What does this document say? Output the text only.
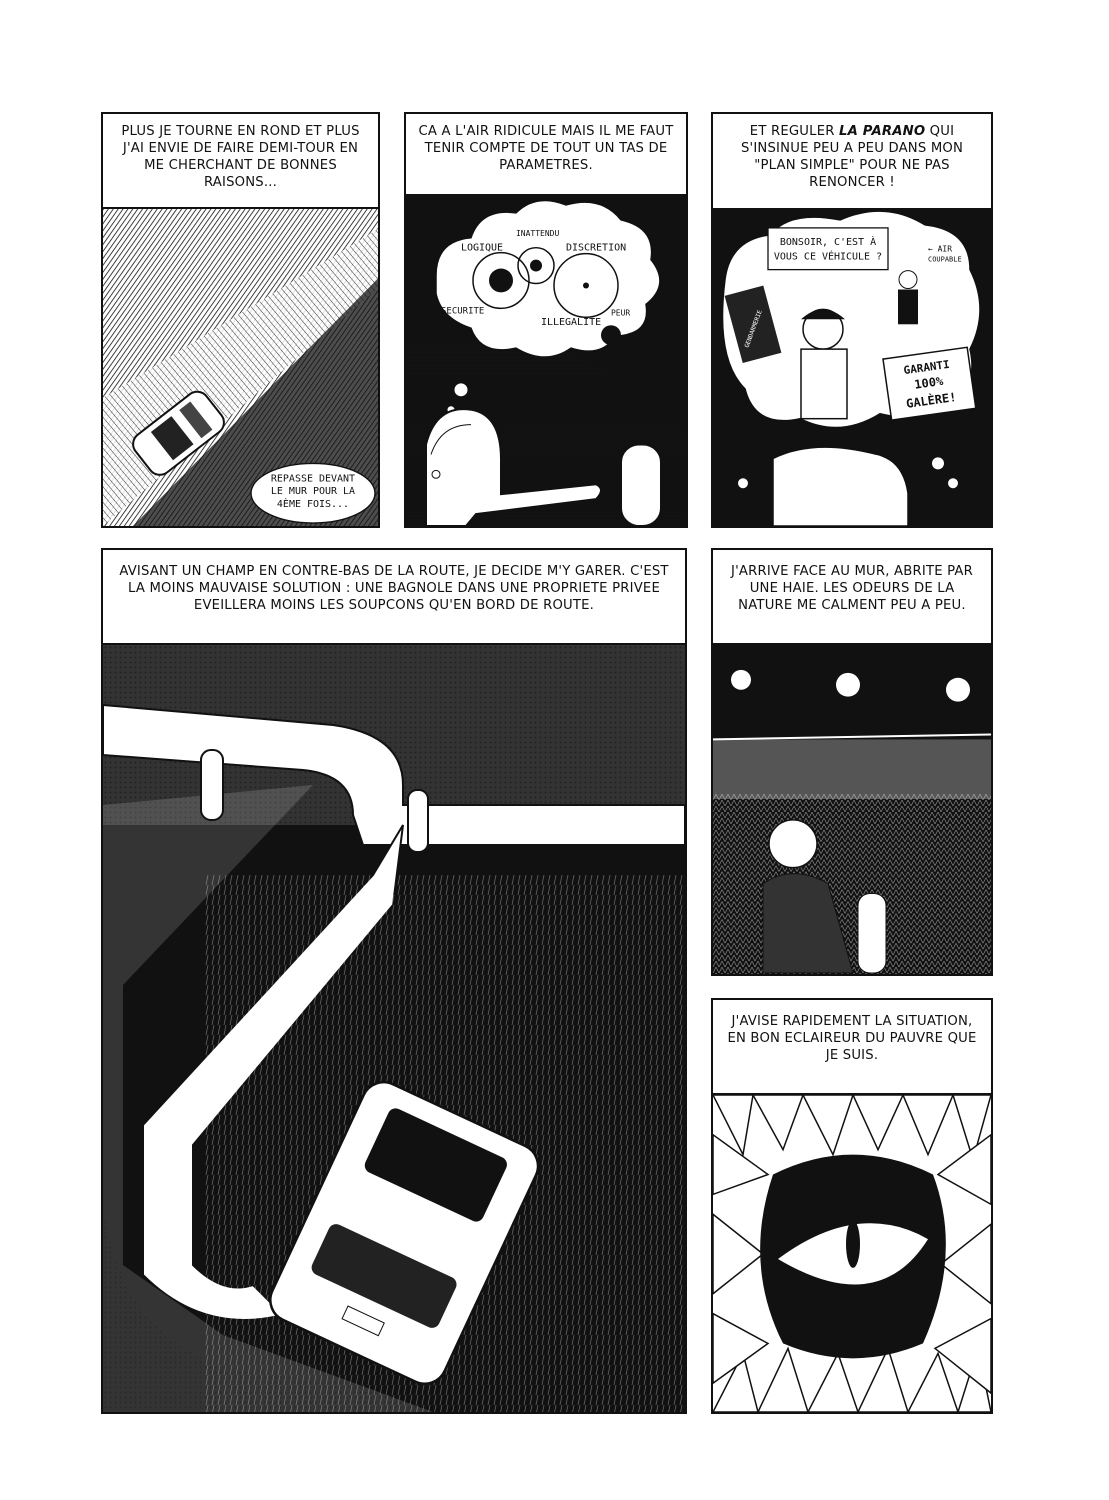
PLUS JE TOURNE EN ROND ET PLUS J'AI ENVIE DE FAIRE DEMI-TOUR EN ME CHERCHANT DE BONNES RAISONS...
REPASSE DEVANT
LE MUR POUR LA
4ÈME FOIS...
CA A L'AIR RIDICULE MAIS IL ME FAUT TENIR COMPTE DE TOUT UN TAS DE PARAMETRES.
LOGIQUE
INATTENDU
DISCRETION
SECURITE
ILLEGALITE
PEUR
ET REGULER LA PARANO QUI S'INSINUE PEU A PEU DANS MON "PLAN SIMPLE" POUR NE PAS RENONCER !
BONSOIR, C'EST À
VOUS CE VÉHICULE ?
← AIR
COUPABLE
GENDARMERIE
GARANTI
100%
GALÈRE!
AVISANT UN CHAMP EN CONTRE-BAS DE LA ROUTE, JE DECIDE M'Y GARER. C'EST LA MOINS MAUVAISE SOLUTION : UNE BAGNOLE DANS UNE PROPRIETE PRIVEE EVEILLERA MOINS LES SOUPCONS QU'EN BORD DE ROUTE.
J'ARRIVE FACE AU MUR, ABRITE PAR UNE HAIE. LES ODEURS DE LA NATURE ME CALMENT PEU A PEU.
J'AVISE RAPIDEMENT LA SITUATION, EN BON ECLAIREUR DU PAUVRE QUE JE SUIS.
